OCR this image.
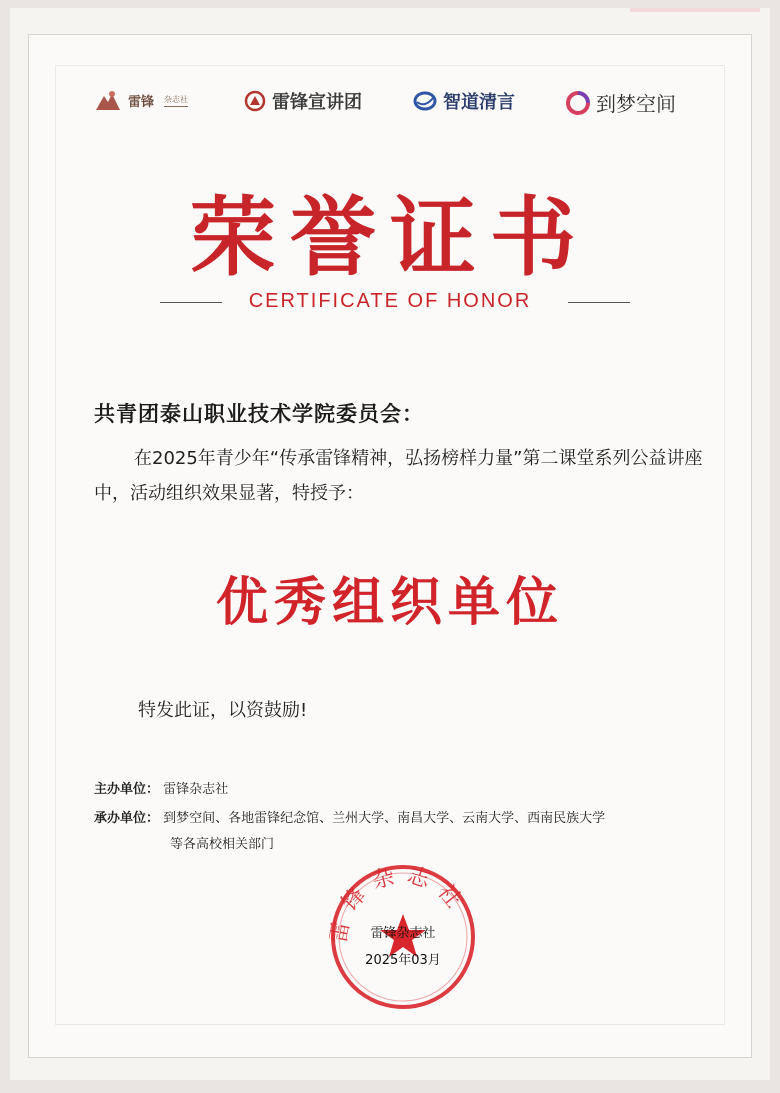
雷锋 杂志社	雷锋宣讲团	智道清言	到梦空间
荣誉证书
CERTIFICATE OF HONOR
共青团泰山职业技术学院委员会：
在2025年青少年“传承雷锋精神，弘扬榜样力量”第二课堂系列公益讲座中，活动组织效果显著，特授予：
优秀组织单位
特发此证，以资鼓励!
主办单位： 雷锋杂志社
承办单位： 到梦空间、各地雷锋纪念馆、兰州大学、南昌大学、云南大学、西南民族大学
等各高校相关部门
雷锋杂志社
雷锋杂志社
2025年03月
